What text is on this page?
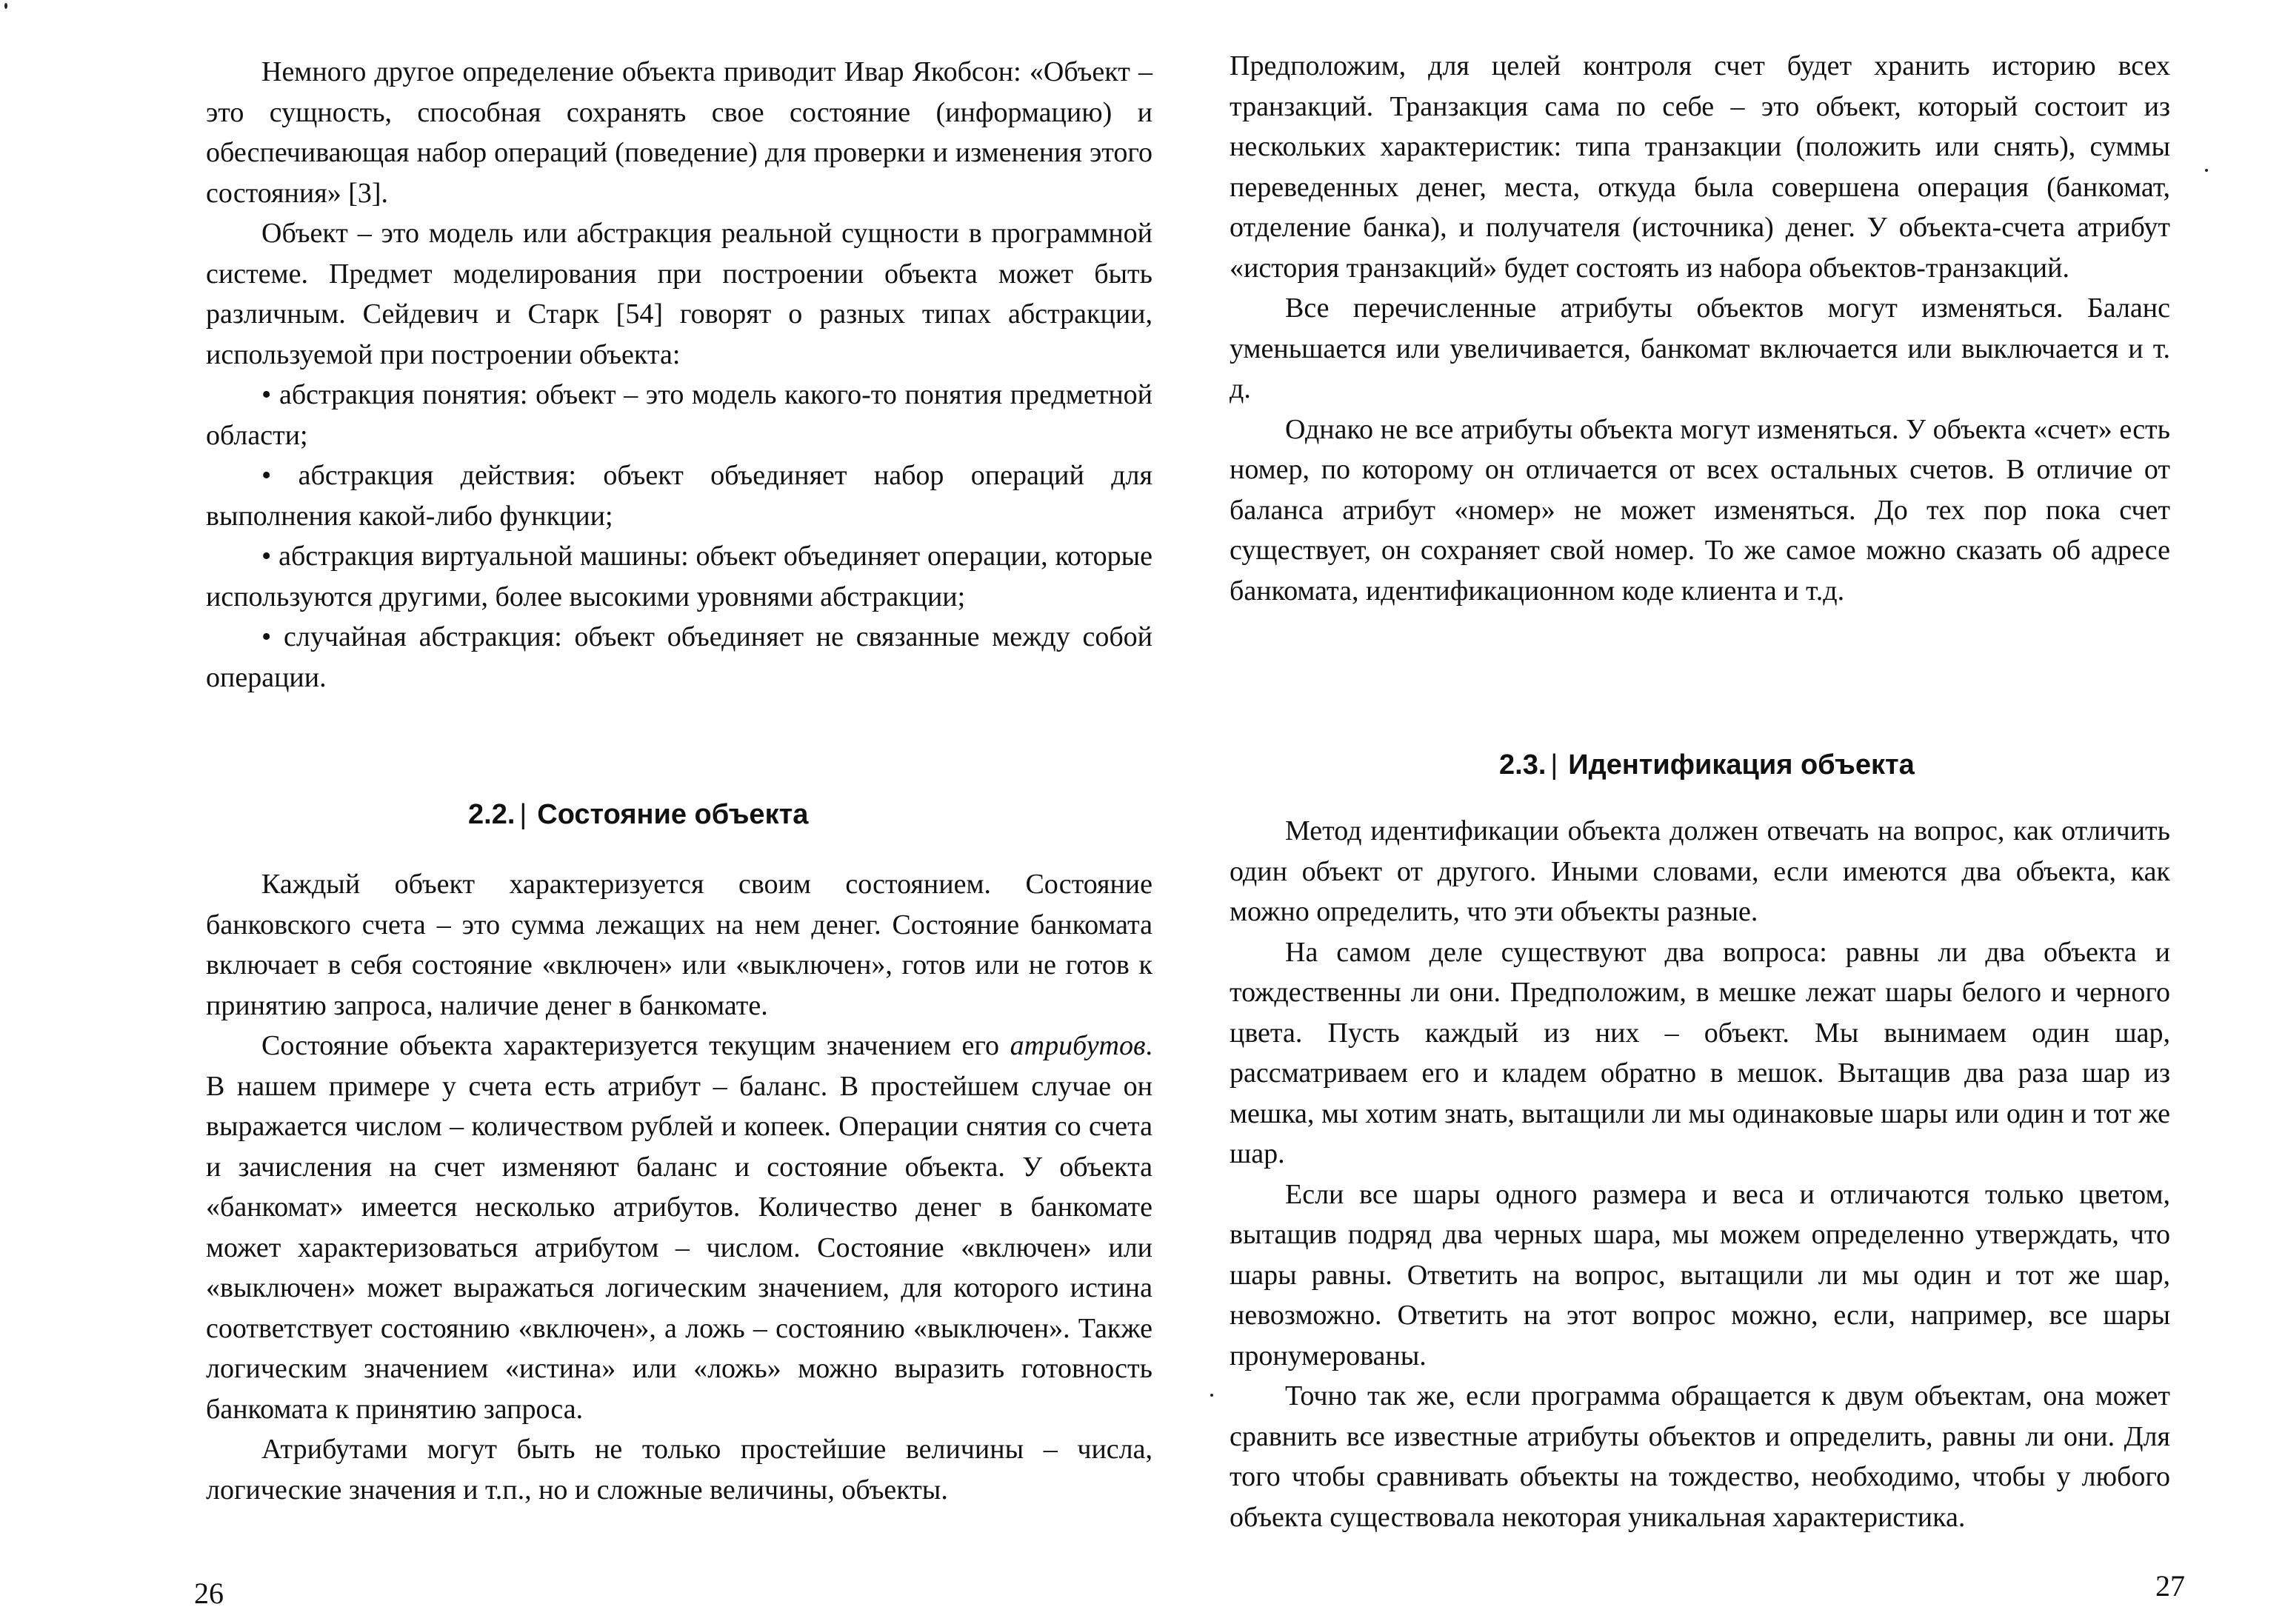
Немного другое определение объекта приводит Ивар Якобсон: «Объект – это сущность, способная сохранять свое состояние (информацию) и обеспечивающая набор операций (поведение) для проверки и изменения этого состояния» [3].

Объект – это модель или абстракция реальной сущности в программной системе. Предмет моделирования при построении объекта может быть различным. Сейдевич и Старк [54] говорят о разных типах абстракции, используемой при построении объекта:

• абстракция понятия: объект – это модель какого-то понятия предметной области;

• абстракция действия: объект объединяет набор операций для выполнения какой-либо функции;

• абстракция виртуальной машины: объект объединяет операции, которые используются другими, более высокими уровнями абстракции;

• случайная абстракция: объект объединяет не связанные между собой операции.

2.2. | Состояние объекта

Каждый объект характеризуется своим состоянием. Состояние банковского счета – это сумма лежащих на нем денег. Состояние банкомата включает в себя состояние «включен» или «выключен», готов или не готов к принятию запроса, наличие денег в банкомате.

Состояние объекта характеризуется текущим значением его атрибутов. В нашем примере у счета есть атрибут – баланс. В простейшем случае он выражается числом – количеством рублей и копеек. Операции снятия со счета и зачисления на счет изменяют баланс и состояние объекта. У объекта «банкомат» имеется несколько атрибутов. Количество денег в банкомате может характеризоваться атрибутом – числом. Состояние «включен» или «выключен» может выражаться логическим значением, для которого истина соответствует состоянию «включен», а ложь – состоянию «выключен». Также логическим значением «истина» или «ложь» можно выразить готовность банкомата к принятию запроса.

Атрибутами могут быть не только простейшие величины – числа, логические значения и т.п., но и сложные величины, объекты.

26

Предположим, для целей контроля счет будет хранить историю всех транзакций. Транзакция сама по себе – это объект, который состоит из нескольких характеристик: типа транзакции (положить или снять), суммы переведенных денег, места, откуда была совершена операция (банкомат, отделение банка), и получателя (источника) денег. У объекта-счета атрибут «история транзакций» будет состоять из набора объектов-транзакций.

Все перечисленные атрибуты объектов могут изменяться. Баланс уменьшается или увеличивается, банкомат включается или выключается и т. д.

Однако не все атрибуты объекта могут изменяться. У объекта «счет» есть номер, по которому он отличается от всех остальных счетов. В отличие от баланса атрибут «номер» не может изменяться. До тех пор пока счет существует, он сохраняет свой номер. То же самое можно сказать об адресе банкомата, идентификационном коде клиента и т.д.

2.3. | Идентификация объекта

Метод идентификации объекта должен отвечать на вопрос, как отличить один объект от другого. Иными словами, если имеются два объекта, как можно определить, что эти объекты разные.

На самом деле существуют два вопроса: равны ли два объекта и тождественны ли они. Предположим, в мешке лежат шары белого и черного цвета. Пусть каждый из них – объект. Мы вынимаем один шар, рассматриваем его и кладем обратно в мешок. Вытащив два раза шар из мешка, мы хотим знать, вытащили ли мы одинаковые шары или один и тот же шар.

Если все шары одного размера и веса и отличаются только цветом, вытащив подряд два черных шара, мы можем определенно утверждать, что шары равны. Ответить на вопрос, вытащили ли мы один и тот же шар, невозможно. Ответить на этот вопрос можно, если, например, все шары пронумерованы.

Точно так же, если программа обращается к двум объектам, она может сравнить все известные атрибуты объектов и определить, равны ли они. Для того чтобы сравнивать объекты на тождество, необходимо, чтобы у любого объекта существовала некоторая уникальная характеристика.

27
